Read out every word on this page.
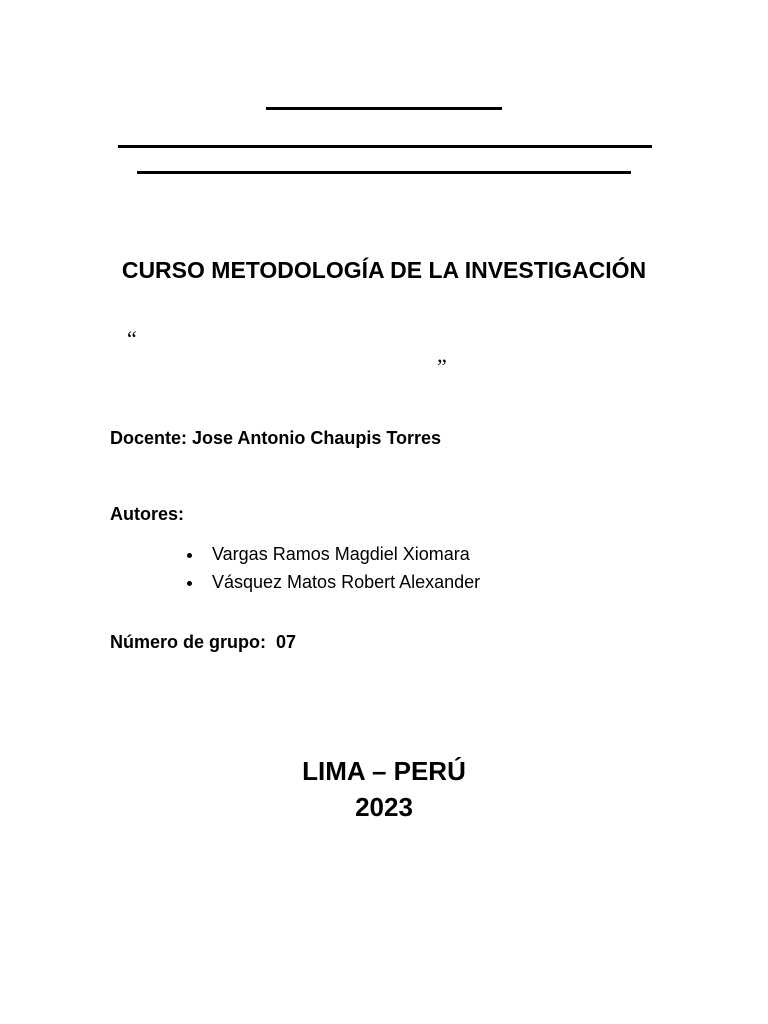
CURSO METODOLOGÍA DE LA INVESTIGACIÓN
“
”
Docente: Jose Antonio Chaupis Torres
Autores:
Vargas Ramos Magdiel Xiomara
Vásquez Matos Robert Alexander
Número de grupo:  07
LIMA – PERÚ
2023
